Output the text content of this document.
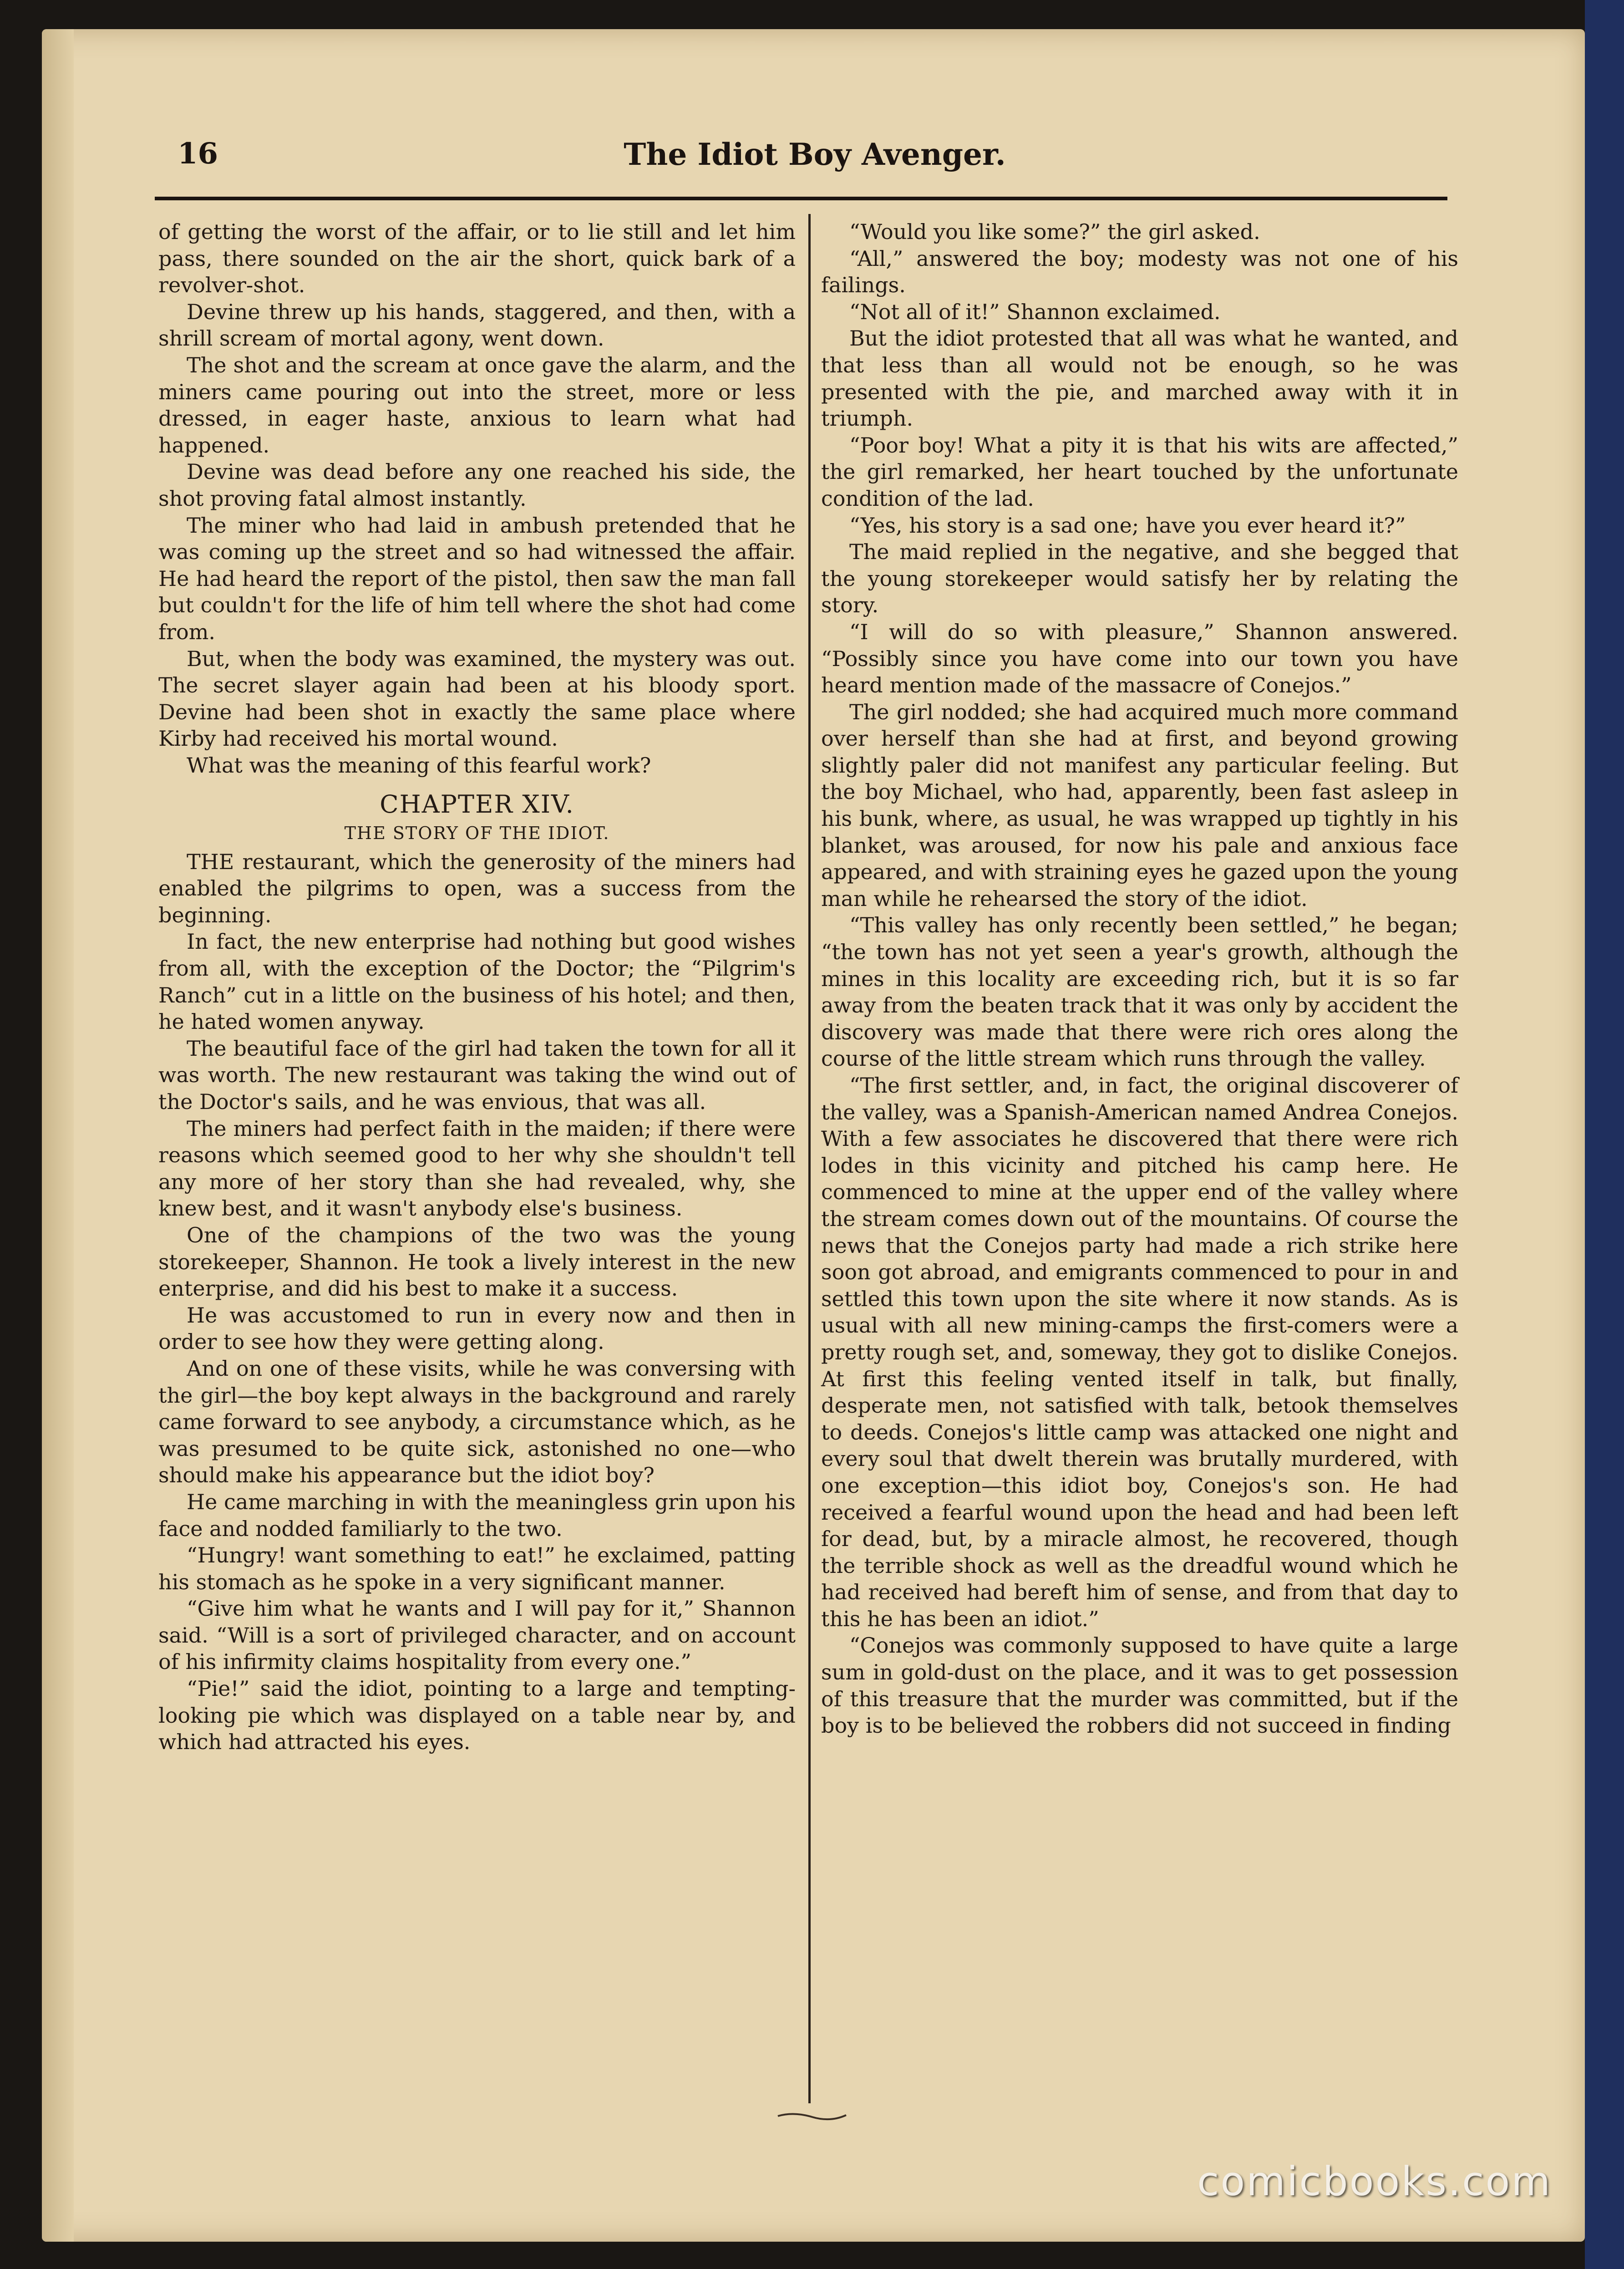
16	The Idiot Boy Avenger.

of getting the worst of the affair, or to lie still and let him pass, there sounded on the air the short, quick bark of a revolver-shot.

Devine threw up his hands, staggered, and then, with a shrill scream of mortal agony, went down.

The shot and the scream at once gave the alarm, and the miners came pouring out into the street, more or less dressed, in eager haste, anxious to learn what had happened.

Devine was dead before any one reached his side, the shot proving fatal almost instantly.

The miner who had laid in ambush pretended that he was coming up the street and so had witnessed the affair. He had heard the report of the pistol, then saw the man fall but couldn't for the life of him tell where the shot had come from.

But, when the body was examined, the mystery was out. The secret slayer again had been at his bloody sport. Devine had been shot in exactly the same place where Kirby had received his mortal wound.

What was the meaning of this fearful work?

CHAPTER XIV.
THE STORY OF THE IDIOT.

THE restaurant, which the generosity of the miners had enabled the pilgrims to open, was a success from the beginning.

In fact, the new enterprise had nothing but good wishes from all, with the exception of the Doctor; the “Pilgrim's Ranch” cut in a little on the business of his hotel; and then, he hated women anyway.

The beautiful face of the girl had taken the town for all it was worth. The new restaurant was taking the wind out of the Doctor's sails, and he was envious, that was all.

The miners had perfect faith in the maiden; if there were reasons which seemed good to her why she shouldn't tell any more of her story than she had revealed, why, she knew best, and it wasn't anybody else's business.

One of the champions of the two was the young storekeeper, Shannon. He took a lively interest in the new enterprise, and did his best to make it a success.

He was accustomed to run in every now and then in order to see how they were getting along.

And on one of these visits, while he was conversing with the girl—the boy kept always in the background and rarely came forward to see anybody, a circumstance which, as he was presumed to be quite sick, astonished no one—who should make his appearance but the idiot boy?

He came marching in with the meaningless grin upon his face and nodded familiarly to the two.

“Hungry! want something to eat!” he exclaimed, patting his stomach as he spoke in a very significant manner.

“Give him what he wants and I will pay for it,” Shannon said. “Will is a sort of privileged character, and on account of his infirmity claims hospitality from every one.”

“Pie!” said the idiot, pointing to a large and tempting-looking pie which was displayed on a table near by, and which had attracted his eyes.

“Would you like some?” the girl asked.

“All,” answered the boy; modesty was not one of his failings.

“Not all of it!” Shannon exclaimed.

But the idiot protested that all was what he wanted, and that less than all would not be enough, so he was presented with the pie, and marched away with it in triumph.

“Poor boy! What a pity it is that his wits are affected,” the girl remarked, her heart touched by the unfortunate condition of the lad.

“Yes, his story is a sad one; have you ever heard it?”

The maid replied in the negative, and she begged that the young storekeeper would satisfy her by relating the story.

“I will do so with pleasure,” Shannon answered. “Possibly since you have come into our town you have heard mention made of the massacre of Conejos.”

The girl nodded; she had acquired much more command over herself than she had at first, and beyond growing slightly paler did not manifest any particular feeling. But the boy Michael, who had, apparently, been fast asleep in his bunk, where, as usual, he was wrapped up tightly in his blanket, was aroused, for now his pale and anxious face appeared, and with straining eyes he gazed upon the young man while he rehearsed the story of the idiot.

“This valley has only recently been settled,” he began; “the town has not yet seen a year's growth, although the mines in this locality are exceeding rich, but it is so far away from the beaten track that it was only by accident the discovery was made that there were rich ores along the course of the little stream which runs through the valley.

“The first settler, and, in fact, the original discoverer of the valley, was a Spanish-American named Andrea Conejos. With a few associates he discovered that there were rich lodes in this vicinity and pitched his camp here. He commenced to mine at the upper end of the valley where the stream comes down out of the mountains. Of course the news that the Conejos party had made a rich strike here soon got abroad, and emigrants commenced to pour in and settled this town upon the site where it now stands. As is usual with all new mining-camps the first-comers were a pretty rough set, and, someway, they got to dislike Conejos. At first this feeling vented itself in talk, but finally, desperate men, not satisfied with talk, betook themselves to deeds. Conejos's little camp was attacked one night and every soul that dwelt therein was brutally murdered, with one exception—this idiot boy, Conejos's son. He had received a fearful wound upon the head and had been left for dead, but, by a miracle almost, he recovered, though the terrible shock as well as the dreadful wound which he had received had bereft him of sense, and from that day to this he has been an idiot.”

“Conejos was commonly supposed to have quite a large sum in gold-dust on the place, and it was to get possession of this treasure that the murder was committed, but if the boy is to be believed the robbers did not succeed in finding

comicbooks.com
